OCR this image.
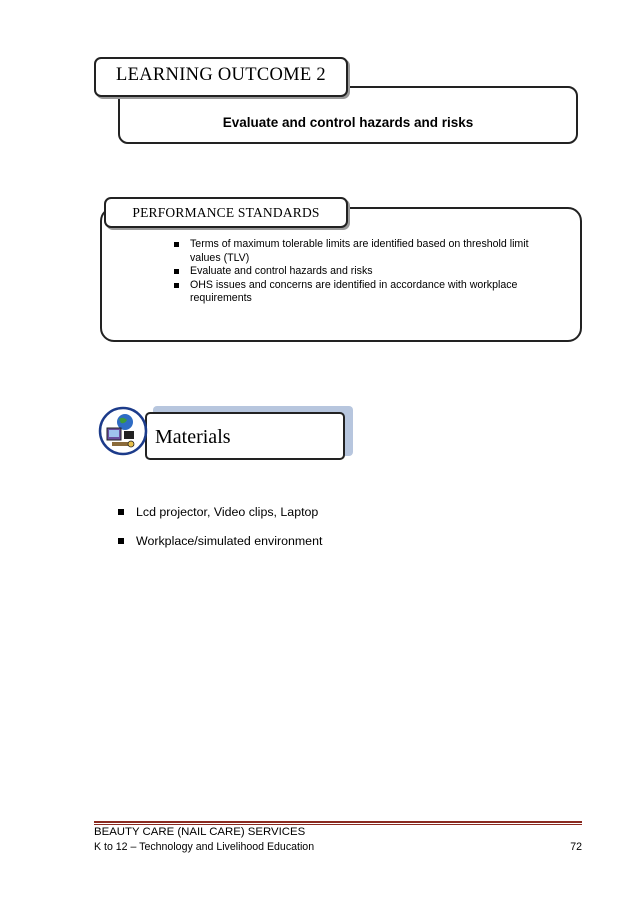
Evaluate and control hazards and risks
LEARNING OUTCOME 2
PERFORMANCE STANDARDS
Terms of maximum tolerable limits are identified based on threshold limit values (TLV)
Evaluate and control hazards and risks
OHS issues and concerns are identified in accordance with workplace requirements
Materials
Lcd projector, Video clips, Laptop
Workplace/simulated environment
BEAUTY CARE (NAIL CARE) SERVICES
K to 12 – Technology and Livelihood Education	72
